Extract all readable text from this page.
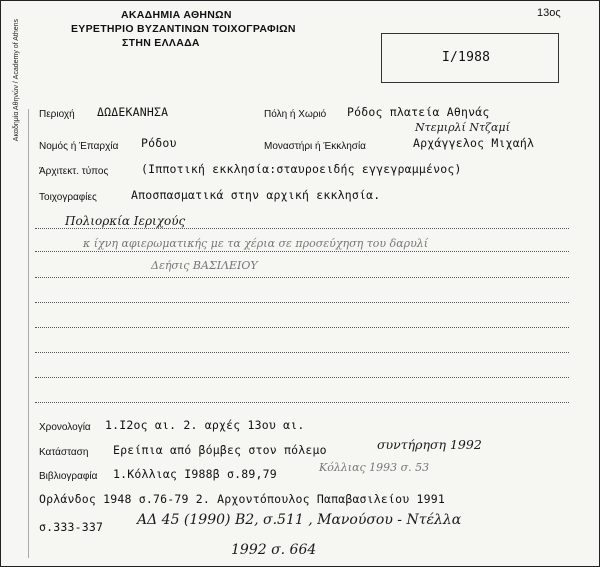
Ακαδημία Αθηνών / Academy of Athens
ΑΚΑΔΗΜΙΑ ΑΘΗΝΩΝ
ΕΥΡΕΤΗΡΙΟ ΒΥΖΑΝΤΙΝΩΝ ΤΟΙΧΟΓΡΑΦΙΩΝ
ΣΤΗΝ ΕΛΛΑΔΑ
13ος
I/1988
Περιοχή ΔΩΔΕΚΑΝΗΣΑ	Πόλη ή Χωριό Ρόδος πλατεία Αθηνάς
Ντεμιρλί Ντζαμί
Νομός ή Έπαρχία Ρόδου	Μοναστήρι ή Έκκλησία	Αρχάγγελος Μιχαήλ
Άρχιτεκτ. τύπος	(Ιπποτική εκκλησία:σταυροειδής εγγεγραμμένος)
Τοιχογραφίες	Αποσπασματικά στην αρχική εκκλησία.
Πολιορκία Ιεριχούς
κ ίχνη αφιερωματικής με τα χέρια σε προσεύχηση του δαρυλί
Δεήσις ΒΑΣΙΛΕΙΟΥ
Χρονολογία 1.Ι2ος αι. 2. αρχές 13ου αι.
Κατάσταση Ερείπια από βόμβες στον πόλεμο	συντήρηση 1992
Βιβλιογραφία 1.Κόλλιας Ι988β σ.89,79	Κόλλιας 1993 σ. 53
Ορλάνδος 1948 σ.76-79 2. Αρχοντόπουλος Παπαβασιλείου 1991
σ.333-337 ΑΔ 45 (1990) Β2, σ.511 , Μανούσου - Ντέλλα
1992 σ. 664
